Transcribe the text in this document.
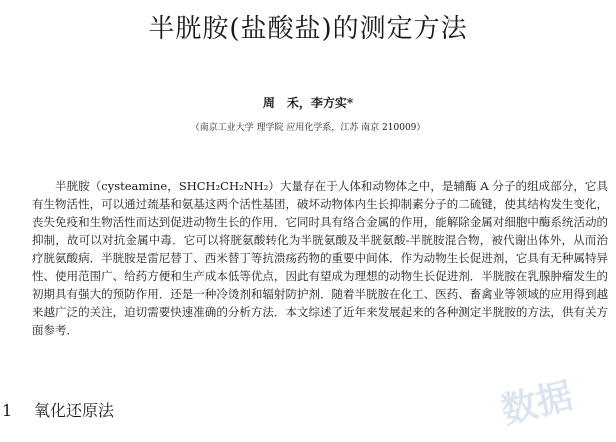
半胱胺(盐酸盐)的测定方法
周　禾，李方实*
（南京工业大学 理学院 应用化学系，江苏 南京 210009）

半胱胺（cysteamine，SHCH₂CH₂NH₂）大量存在于人体和动物体之中，是辅酶 A 分子的组成部分，它具有生物活性，可以通过巯基和氨基这两个活性基团，破坏动物体内生长抑制素分子的二硫键，使其结构发生变化，丧失免疫和生物活性而达到促进动物生长的作用．它同时具有络合金属的作用，能解除金属对细胞中酶系统活动的抑制，故可以对抗金属中毒．它可以将胱氨酸转化为半胱氨酸及半胱氨酸-半胱胺混合物，被代谢出体外，从而治疗胱氨酸病．半胱胺是雷尼替丁、西米替丁等抗溃疡药物的重要中间体．作为动物生长促进剂，它具有无种属特异性、使用范围广、给药方便和生产成本低等优点，因此有望成为理想的动物生长促进剂．半胱胺在乳腺肿瘤发生的初期具有强大的预防作用．还是一种冷烫剂和辐射防护剂．随着半胱胺在化工、医药、畜禽业等领域的应用得到越来越广泛的关注，迫切需要快速准确的分析方法．本文综述了近年来发展起来的各种测定半胱胺的方法，供有关方面参考．

1 氧化还原法	数据
